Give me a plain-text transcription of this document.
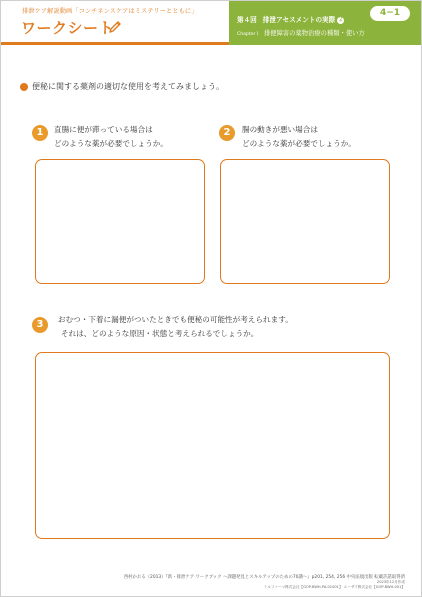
排泄ケア解説動画「コンチネンスケアはミステリーとともに」
ワークシート	第４回 排泄アセスメントの実際 ２
Chapter１ 排便障害の薬物治療の種類・使い方
4−1
便秘に関する薬剤の適切な使用を考えてみましょう。
1	直腸に便が滞っている場合は
どのような薬が必要でしょうか。
2	腸の動きが悪い場合は
どのような薬が必要でしょうか。
3	おむつ・下着に漏便がついたときでも便秘の可能性が考えられます。
それは、どのような原因・状態と考えられるでしょうか。
西村かおる（2013）『新・排泄ケア ワークブック ～課題発見とスキルアップのための70講～』p201, 254, 256 中央法規出版 転載許諾取得済
2023年12月作成
ミルファーマ株式会社【GOP-BWH-PA-01001】 エーザイ株式会社【GOP-BWH-001】
